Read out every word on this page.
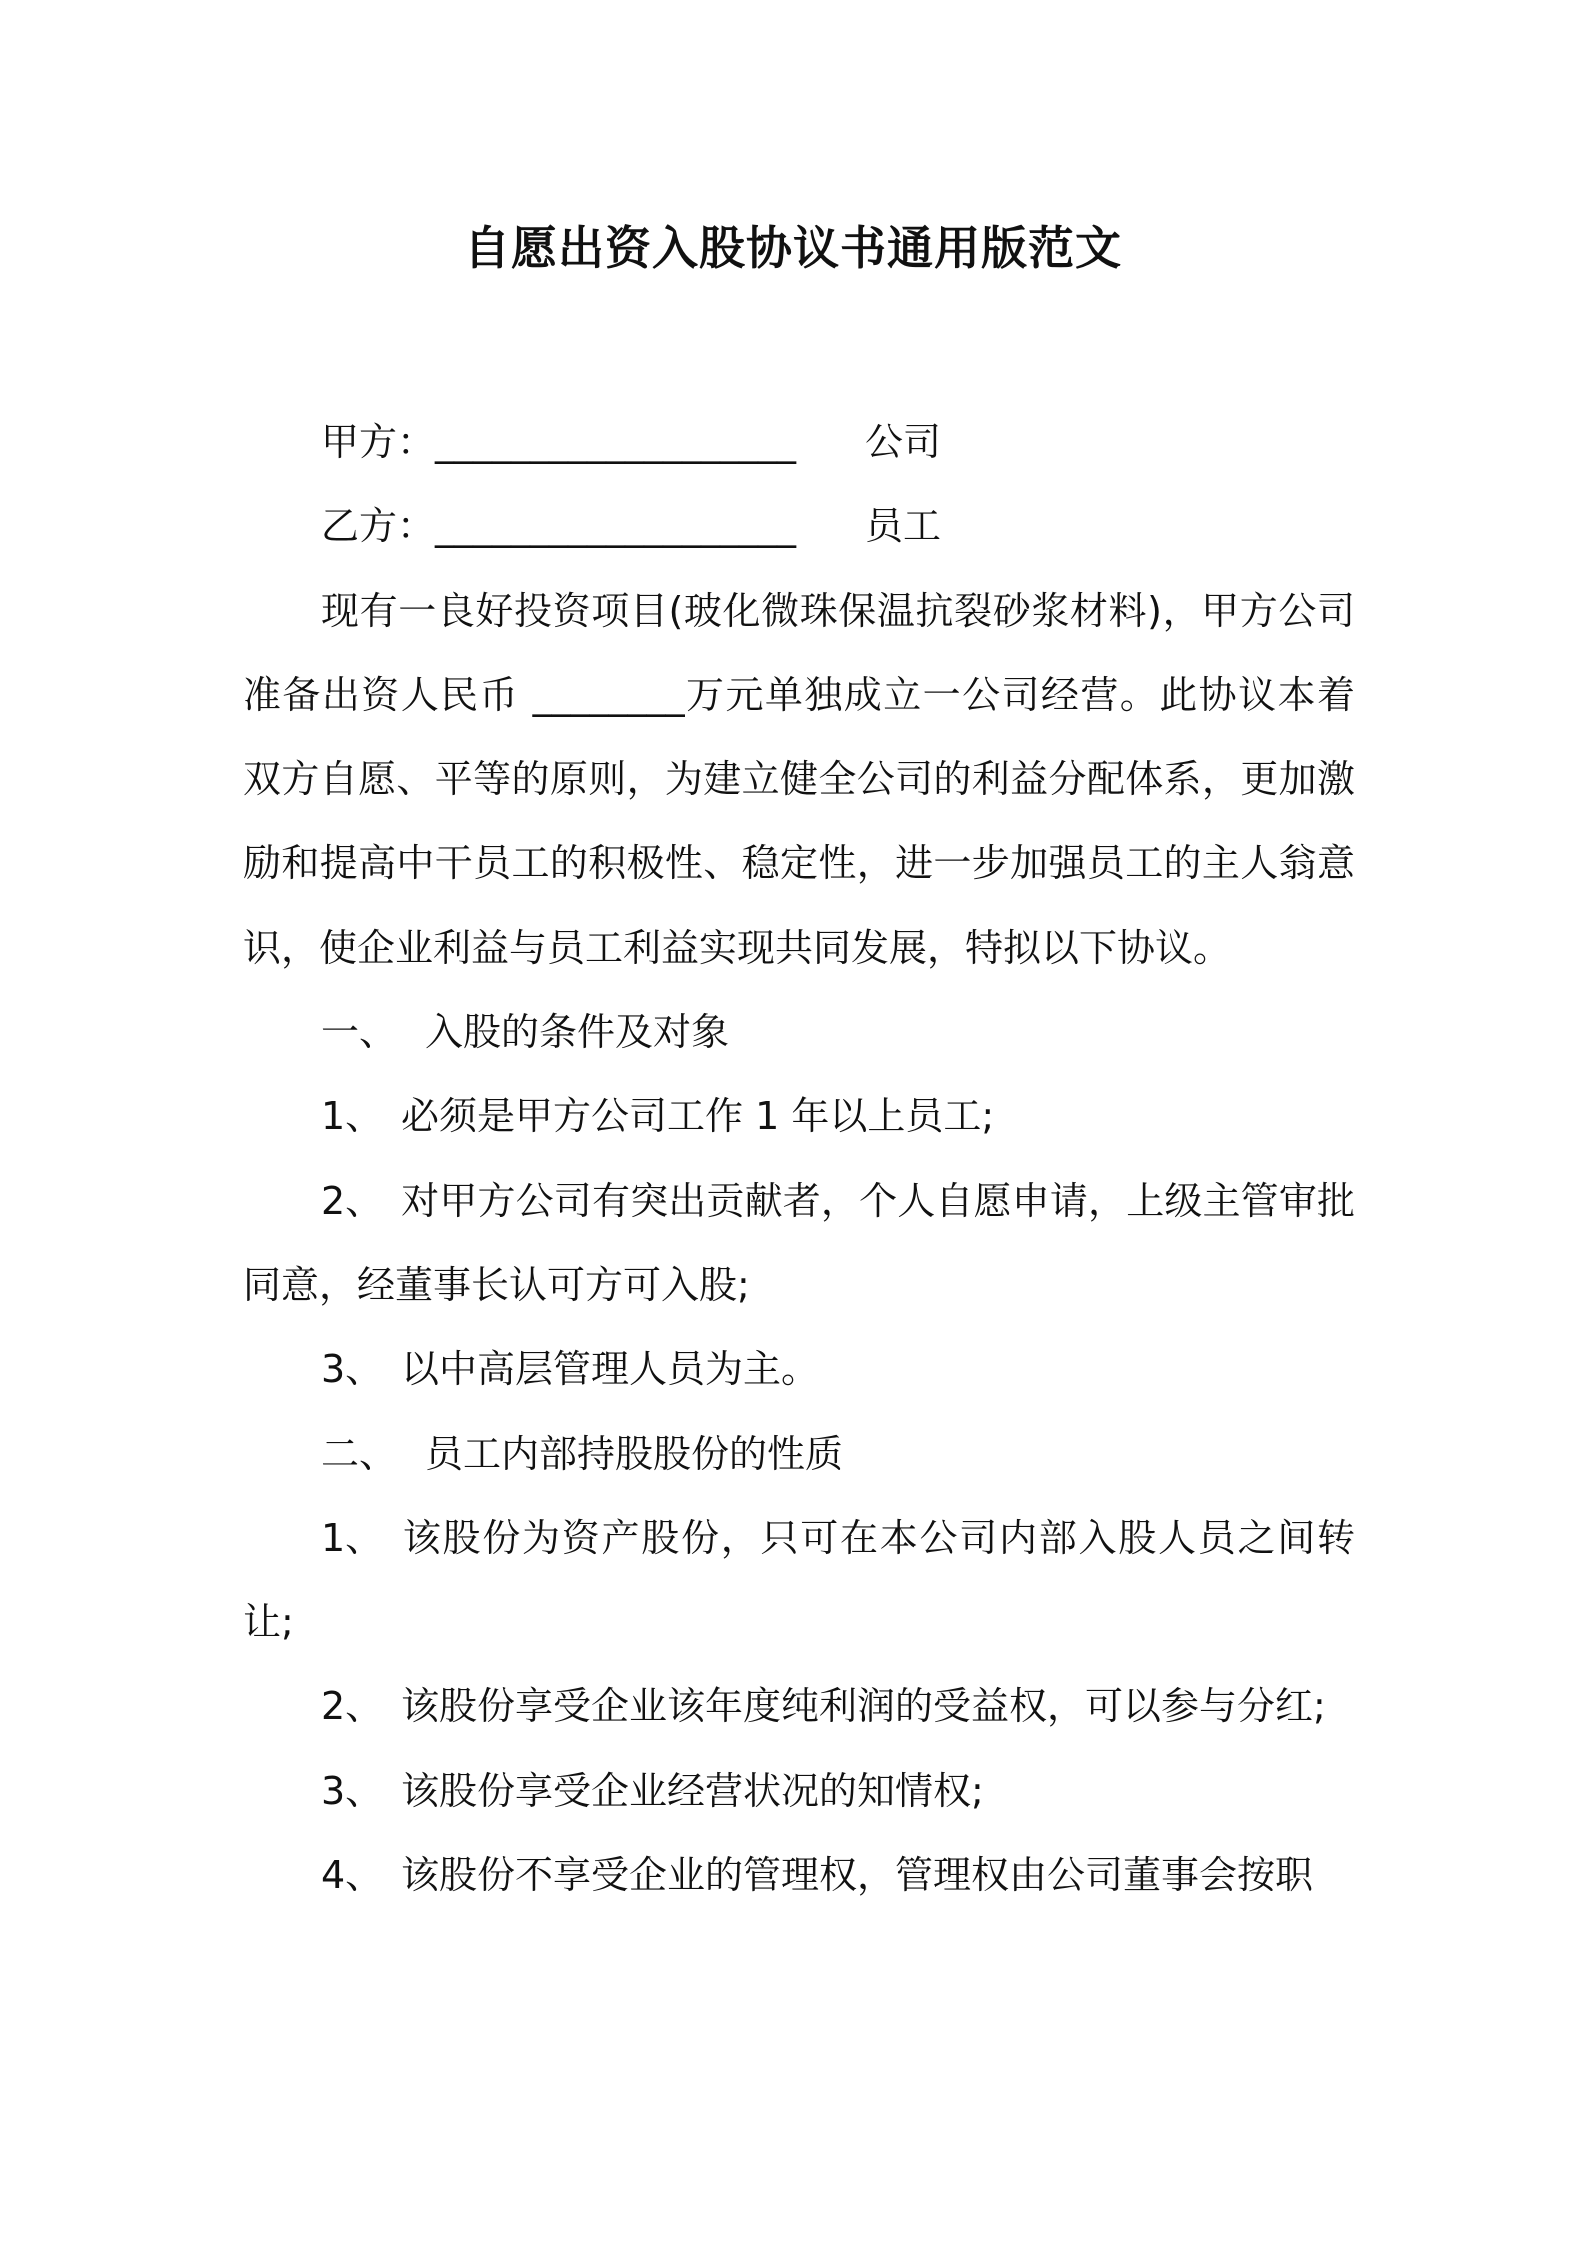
自愿出资入股协议书通用版范文
甲方：___________________ 公司
乙方：___________________ 员工
现有一良好投资项目(玻化微珠保温抗裂砂浆材料)，甲方公司准备出资人民币 ________万元单独成立一公司经营。此协议本着双方自愿、平等的原则，为建立健全公司的利益分配体系，更加激励和提高中干员工的积极性、稳定性，进一步加强员工的主人翁意识，使企业利益与员工利益实现共同发展，特拟以下协议。
一、 入股的条件及对象
1、 必须是甲方公司工作 1 年以上员工;
2、 对甲方公司有突出贡献者，个人自愿申请，上级主管审批同意，经董事长认可方可入股;
3、 以中高层管理人员为主。
二、 员工内部持股股份的性质
1、 该股份为资产股份，只可在本公司内部入股人员之间转让;
2、 该股份享受企业该年度纯利润的受益权，可以参与分红;
3、 该股份享受企业经营状况的知情权;
4、 该股份不享受企业的管理权，管理权由公司董事会按职
